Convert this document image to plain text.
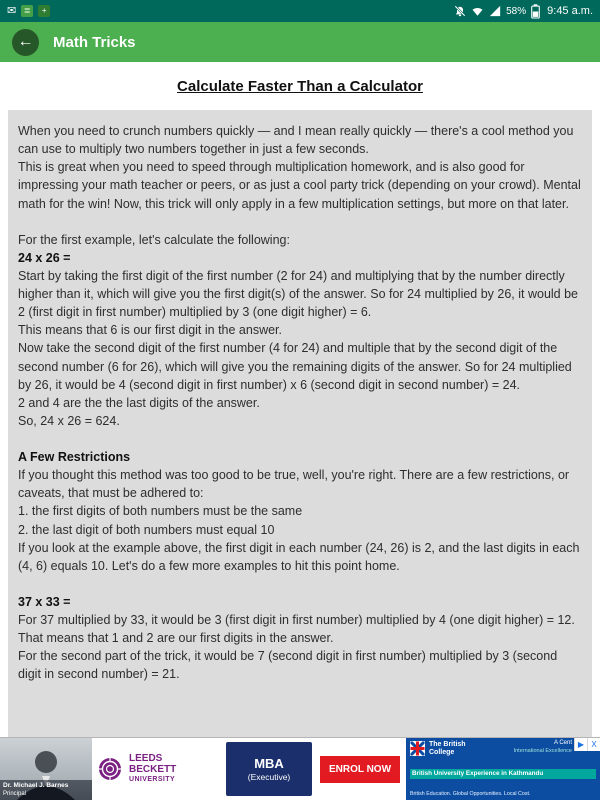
✉ ≣	+	58% 9:45 a.m.
← Math Tricks
Calculate Faster Than a Calculator

When you need to crunch numbers quickly — and I mean really quickly — there's a cool method you can use to multiply two numbers together in just a few seconds.

This is great when you need to speed through multiplication homework, and is also good for impressing your math teacher or peers, or as just a cool party trick (depending on your crowd). Mental math for the win! Now, this trick will only apply in a few multiplication settings, but more on that later.

For the first example, let's calculate the following:

24 x 26 =

Start by taking the first digit of the first number (2 for 24) and multiplying that by the number directly higher than it, which will give you the first digit(s) of the answer. So for 24 multiplied by 26, it would be 2 (first digit in first number) multiplied by 3 (one digit higher) = 6.

This means that 6 is our first digit in the answer.

Now take the second digit of the first number (4 for 24) and multiple that by the second digit of the second number (6 for 26), which will give you the remaining digits of the answer. So for 24 multiplied by 26, it would be 4 (second digit in first number) x 6 (second digit in second number) = 24.

2 and 4 are the the last digits of the answer.

So, 24 x 26 = 624.

A Few Restrictions

If you thought this method was too good to be true, well, you're right. There are a few restrictions, or caveats, that must be adhered to:

1. the first digits of both numbers must be the same

2. the last digit of both numbers must equal 10

If you look at the example above, the first digit in each number (24, 26) is 2, and the last digits in each (4, 6) equals 10. Let's do a few more examples to hit this point home.

37 x 33 =

For 37 multiplied by 33, it would be 3 (first digit in first number) multiplied by 4 (one digit higher) = 12.

That means that 1 and 2 are our first digits in the answer.

For the second part of the trick, it would be 7 (second digit in first number) multiplied by 3 (second digit in second number) = 21.

Dr. Michael J. Barnes
Principal
LEEDS
BECKETT
UNIVERSITY
MBA
(Executive)
ENROL NOW
The British College
A Cent
International Excellence
British University Experience in Kathmandu
British Education. Global Opportunities. Local Cost.
▶ X
